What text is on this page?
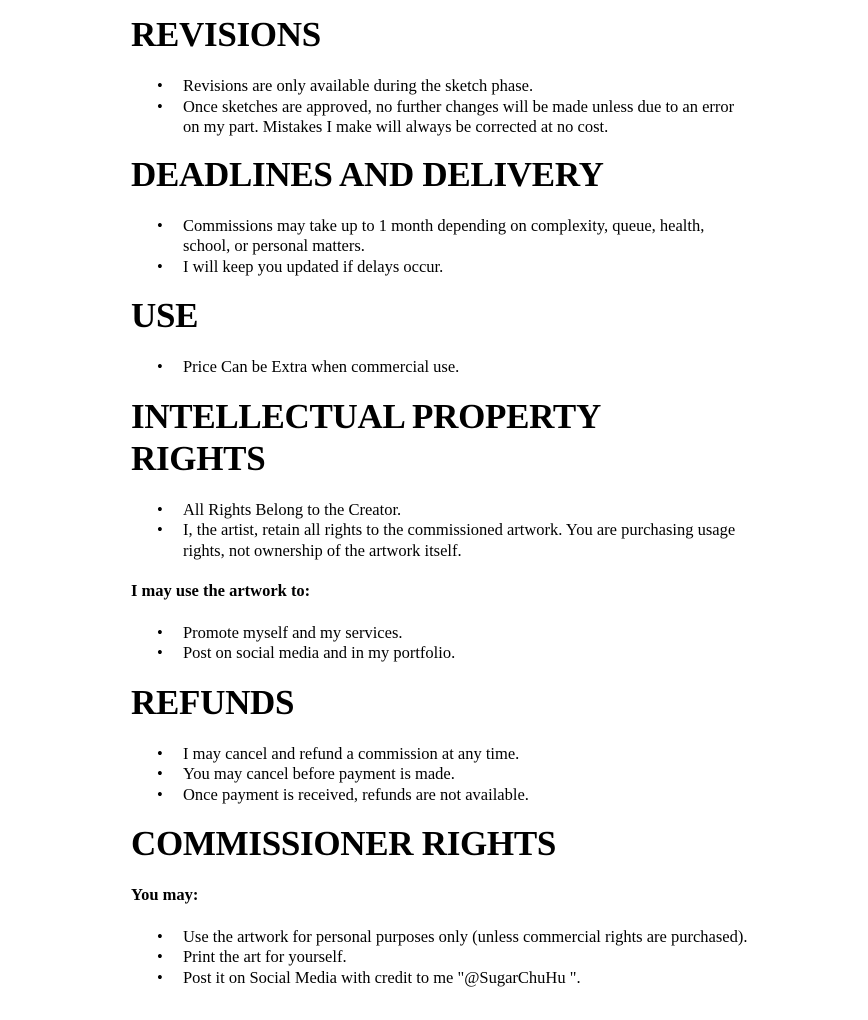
REVISIONS
• Revisions are only available during the sketch phase.
• Once sketches are approved, no further changes will be made unless due to an error on my part. Mistakes I make will always be corrected at no cost.
DEADLINES AND DELIVERY
• Commissions may take up to 1 month depending on complexity, queue, health, school, or personal matters.
• I will keep you updated if delays occur.
USE
• Price Can be Extra when commercial use.
INTELLECTUAL PROPERTY
RIGHTS
• All Rights Belong to the Creator.
• I, the artist, retain all rights to the commissioned artwork. You are purchasing usage rights, not ownership of the artwork itself.

I may use the artwork to:

• Promote myself and my services.
• Post on social media and in my portfolio.
REFUNDS
• I may cancel and refund a commission at any time.
• You may cancel before payment is made.
• Once payment is received, refunds are not available.
COMMISSIONER RIGHTS

You may:

• Use the artwork for personal purposes only (unless commercial rights are purchased).
• Print the art for yourself.
• Post it on Social Media with credit to me "@SugarChuHu ".
